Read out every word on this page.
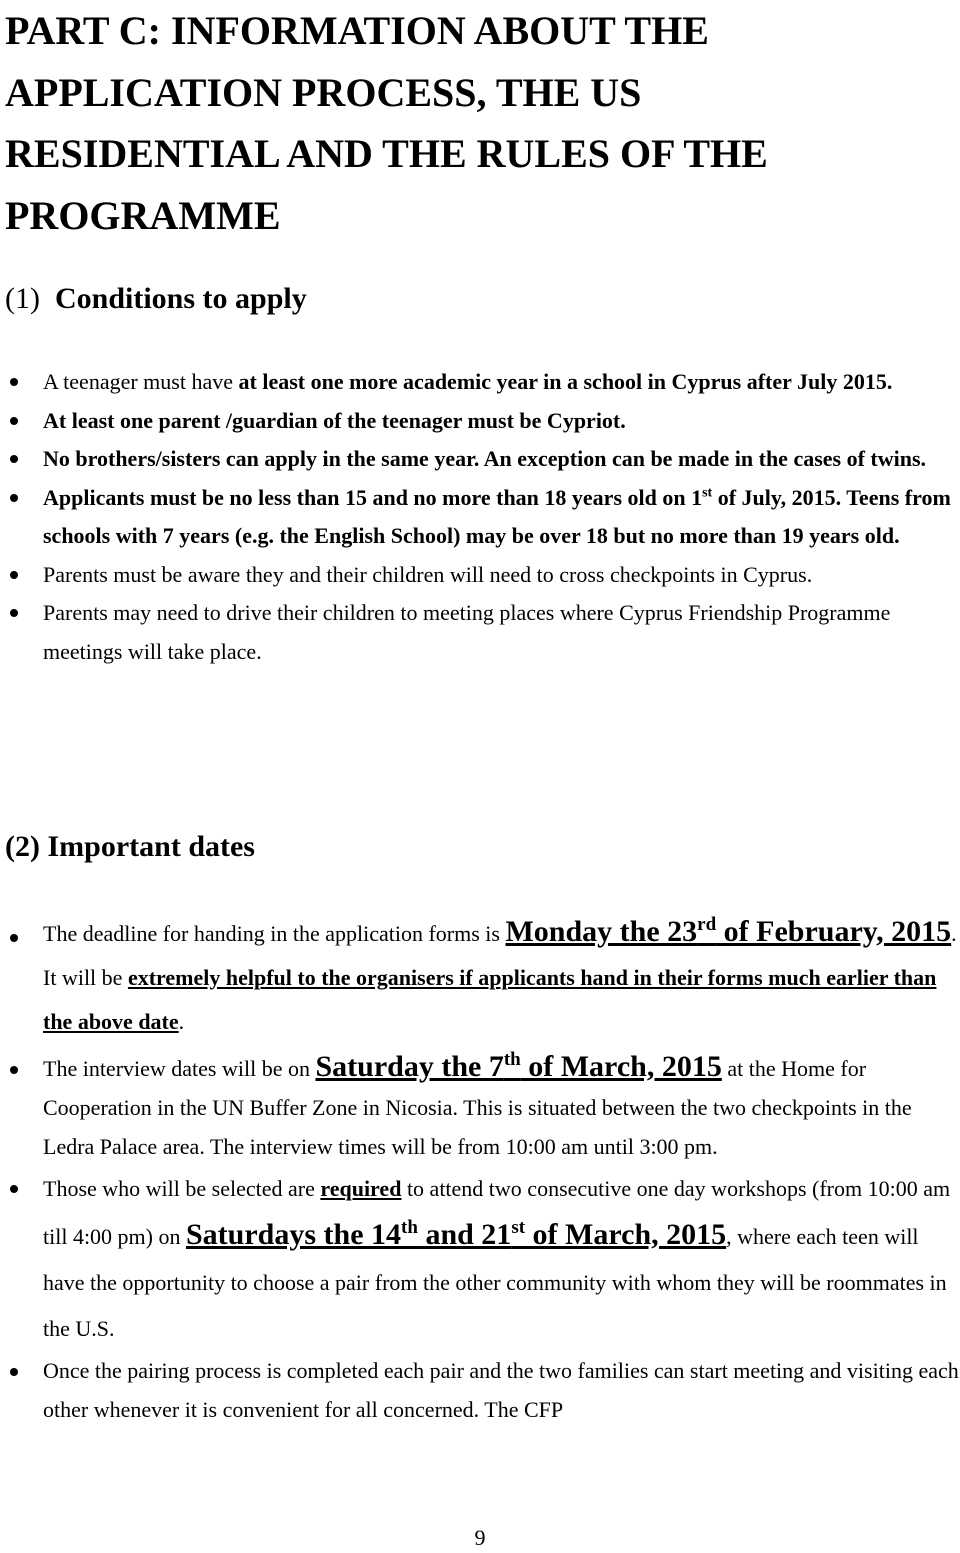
PART C: INFORMATION ABOUT THE
APPLICATION PROCESS, THE US
RESIDENTIAL AND THE RULES OF THE
PROGRAMME
(1) Conditions to apply
A teenager must have at least one more academic year in a school in Cyprus after July 2015.
At least one parent /guardian of the teenager must be Cypriot.
No brothers/sisters can apply in the same year. An exception can be made in the cases of twins.
Applicants must be no less than 15 and no more than 18 years old on 1st of July, 2015. Teens from schools with 7 years (e.g. the English School) may be over 18 but no more than 19 years old.
Parents must be aware they and their children will need to cross checkpoints in Cyprus.
Parents may need to drive their children to meeting places where Cyprus Friendship Programme meetings will take place.
(2) Important dates
The deadline for handing in the application forms is Monday the 23rd of February, 2015. It will be extremely helpful to the organisers if applicants hand in their forms much earlier than the above date.
The interview dates will be on Saturday the 7th of March, 2015 at the Home for Cooperation in the UN Buffer Zone in Nicosia. This is situated between the two checkpoints in the Ledra Palace area. The interview times will be from 10:00 am until 3:00 pm.
Those who will be selected are required to attend two consecutive one day workshops (from 10:00 am till 4:00 pm) on Saturdays the 14th and 21st of March, 2015, where each teen will have the opportunity to choose a pair from the other community with whom they will be roommates in the U.S.
Once the pairing process is completed each pair and the two families can start meeting and visiting each other whenever it is convenient for all concerned. The CFP

9
